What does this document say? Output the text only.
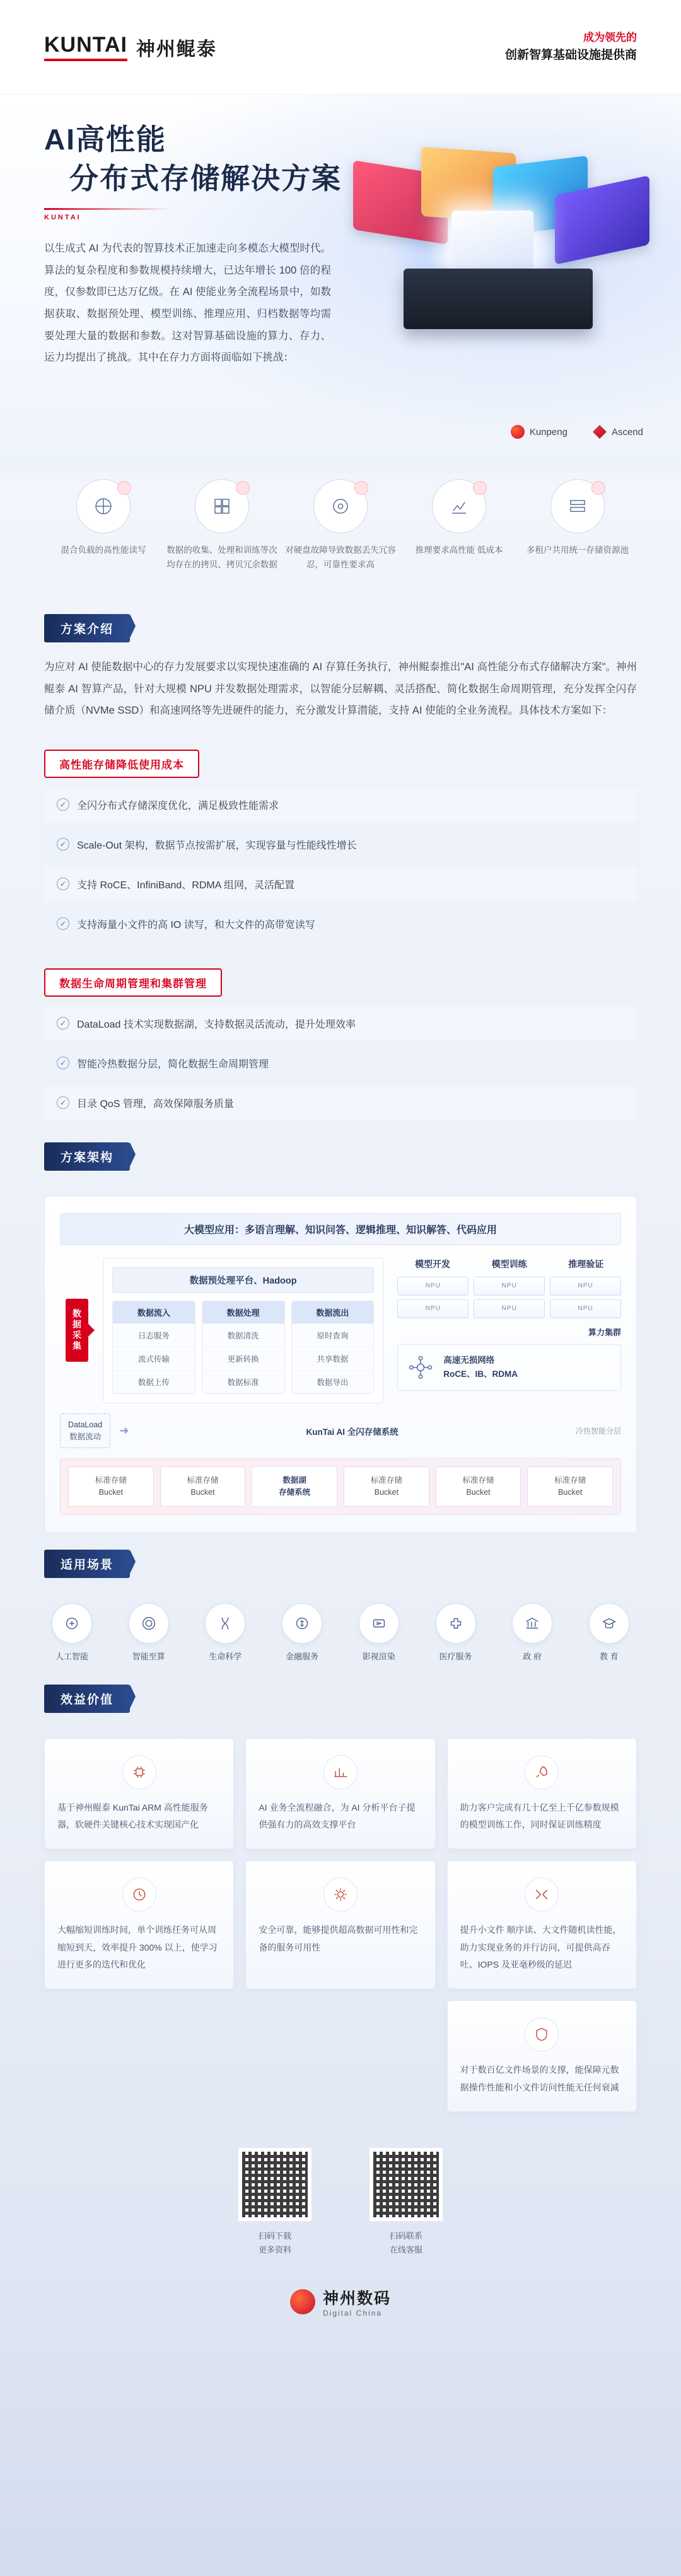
KUNTAI 神州鲲泰
成为领先的
创新智算基础设施提供商
AI高性能
分布式存储解决方案
KUNTAI
以生成式 AI 为代表的智算技术正加速走向多模态大模型时代。算法的复杂程度和参数规模持续增大，已达年增长 100 倍的程度，仅参数即已达万亿级。在 AI 使能业务全流程场景中，如数据获取、数据预处理、模型训练、推理应用、归档数据等均需要处理大量的数据和参数。这对智算基础设施的算力、存力、运力均提出了挑战。其中在存力方面将面临如下挑战：
Kunpeng	Ascend
混合负载的高性能读写	数据的收集、处理和训练等次均存在的拷贝、拷贝冗余数据
对硬盘故障导致数据丢失冗容忍，可靠性要求高
推理要求高性能 低成本	多租户共用统一存储资源池
方案介绍
为应对 AI 使能数据中心的存力发展要求以实现快速准确的 AI 存算任务执行，神州鲲泰推出"AI 高性能分布式存储解决方案"。神州鲲泰 AI 智算产品，针对大规模 NPU 并发数据处理需求，以智能分层解耦、灵活搭配、简化数据生命周期管理，充分发挥全闪存储介质（NVMe SSD）和高速网络等先进硬件的能力，充分激发计算潜能，支持 AI 使能的全业务流程。具体技术方案如下：
高性能存储降低使用成本
✓	全闪分布式存储深度优化，满足极致性能需求
✓	Scale-Out 架构，数据节点按需扩展，实现容量与性能线性增长
✓	支持 RoCE、InfiniBand、RDMA 组网，灵活配置
✓	支持海量小文件的高 IO 读写，和大文件的高带宽读写
数据生命周期管理和集群管理
✓	DataLoad 技术实现数据湖，支持数据灵活流动，提升处理效率
✓	智能冷热数据分层，简化数据生命周期管理
✓	目录 QoS 管理，高效保障服务质量
方案架构
大模型应用：多语言理解、知识问答、逻辑推理、知识解答、代码应用
数据采集
数据预处理平台、Hadoop
数据流入
日志服务
流式传输
数据上传
数据处理
数据清洗
更新转换
数据标准
数据流出
原时查询
共享数据
数据导出
模型开发	模型训练	推理验证
NPU
NPU
NPU
NPU
NPU
NPU
算力集群
高速无损网络
RoCE、IB、RDMA
DataLoad
数据流动	➜	KunTai AI 全闪存储系统	冷热智能分层
标准存储
Bucket
标准存储
Bucket
数据湖
存储系统
标准存储
Bucket
标准存储
Bucket
标准存储
Bucket
适用场景
人工智能	智能至算	生命科学	金融服务	影视渲染	医疗服务	政 府	教 育
效益价值
基于神州鲲泰 KunTai ARM 高性能服务器，软硬件关键核心技术实现国产化
AI 业务全流程融合，为 AI 分析平台子提供强有力的高效支撑平台
助力客户完成有几十亿至上千亿参数规模的模型训练工作，同时保证训练精度
大幅缩短训练时间，单个训练任务可从周缩短到天，效率提升 300% 以上，使学习进行更多的迭代和优化
安全可靠，能够提供超高数据可用性和完备的服务可用性
提升小文件 顺序读、大文件随机读性能，助力实现业务的并行访问，可提供高吞吐、IOPS 及亚毫秒级的延迟
对于数百亿文件场景的支撑，能保障元数据操作性能和小文件访问性能无任何衰减
扫码下载
更多资料
扫码联系
在线客服
神州数码
Digital China
